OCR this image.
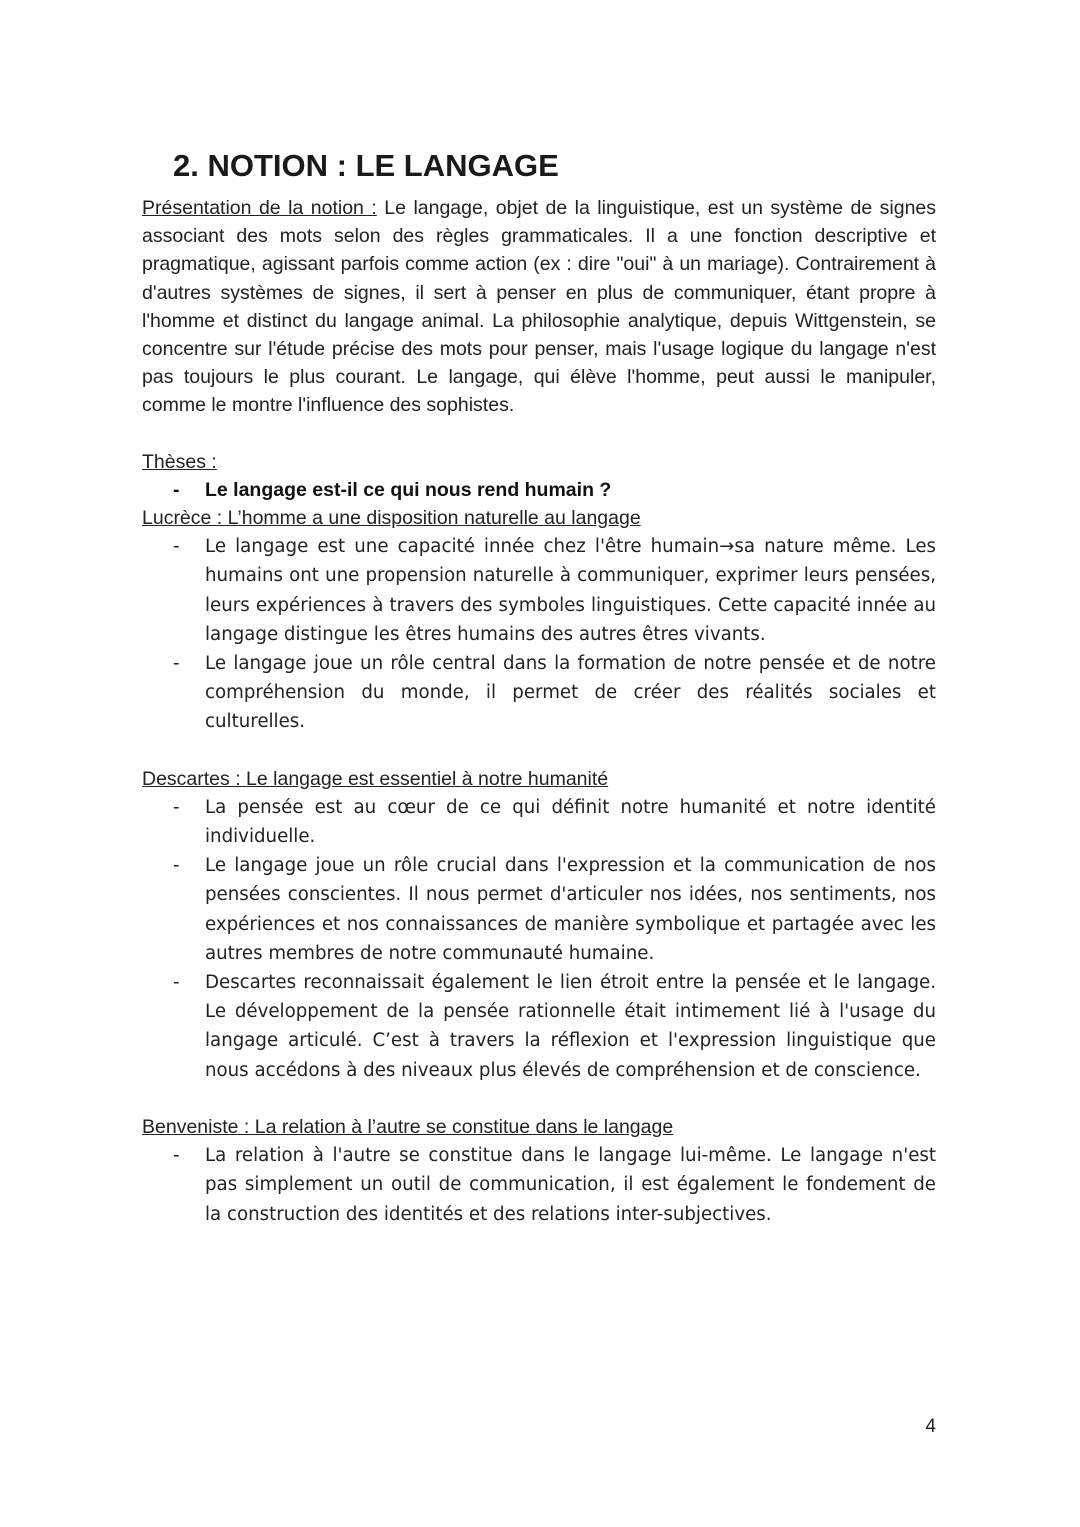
2. NOTION : LE LANGAGE

Présentation de la notion : Le langage, objet de la linguistique, est un système de signes associant des mots selon des règles grammaticales. Il a une fonction descriptive et pragmatique, agissant parfois comme action (ex : dire "oui" à un mariage). Contrairement à d'autres systèmes de signes, il sert à penser en plus de communiquer, étant propre à l'homme et distinct du langage animal. La philosophie analytique, depuis Wittgenstein, se concentre sur l'étude précise des mots pour penser, mais l'usage logique du langage n'est pas toujours le plus courant. Le langage, qui élève l'homme, peut aussi le manipuler, comme le montre l'influence des sophistes.

Thèses :

- Le langage est-il ce qui nous rend humain ?

Lucrèce : L’homme a une disposition naturelle au langage

- Le langage est une capacité innée chez l'être humain→sa nature même. Les humains ont une propension naturelle à communiquer, exprimer leurs pensées, leurs expériences à travers des symboles linguistiques. Cette capacité innée au langage distingue les êtres humains des autres êtres vivants.
- Le langage joue un rôle central dans la formation de notre pensée et de notre compréhension du monde, il permet de créer des réalités sociales et culturelles.

Descartes : Le langage est essentiel à notre humanité

- La pensée est au cœur de ce qui définit notre humanité et notre identité individuelle.
- Le langage joue un rôle crucial dans l'expression et la communication de nos pensées conscientes. Il nous permet d'articuler nos idées, nos sentiments, nos expériences et nos connaissances de manière symbolique et partagée avec les autres membres de notre communauté humaine.
- Descartes reconnaissait également le lien étroit entre la pensée et le langage. Le développement de la pensée rationnelle était intimement lié à l'usage du langage articulé. C’est à travers la réflexion et l'expression linguistique que nous accédons à des niveaux plus élevés de compréhension et de conscience.

Benveniste : La relation à l’autre se constitue dans le langage

- La relation à l'autre se constitue dans le langage lui-même. Le langage n'est pas simplement un outil de communication, il est également le fondement de la construction des identités et des relations inter-subjectives.
4
